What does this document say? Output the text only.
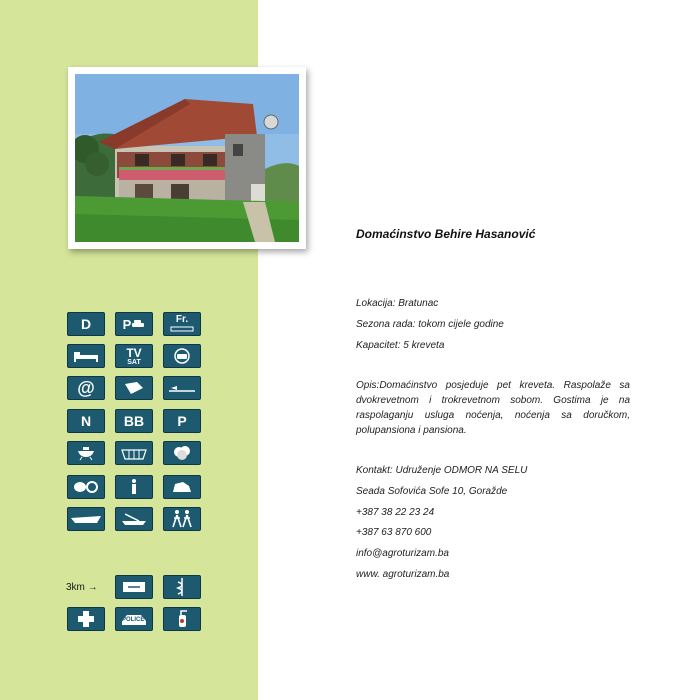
D P	Fr.
TV
SAT
@
N BB P
3km →
POLICE
Domaćinstvo Behire Hasanović
Lokacija: Bratunac
Sezona rada: tokom cijele godine
Kapacitet: 5 kreveta
Opis:Domaćinstvo posjeduje pet kreveta. Raspolaže sa dvokrevetnom i trokrevetnom sobom. Gostima je na raspolaganju usluga noćenja, noćenja sa doručkom, polupansiona i pansiona.
Kontakt: Udruženje ODMOR NA SELU
Seada Sofovića Sofe 10, Goražde
+387 38 22 23 24
+387 63 870 600
info@agroturizam.ba
www. agroturizam.ba
